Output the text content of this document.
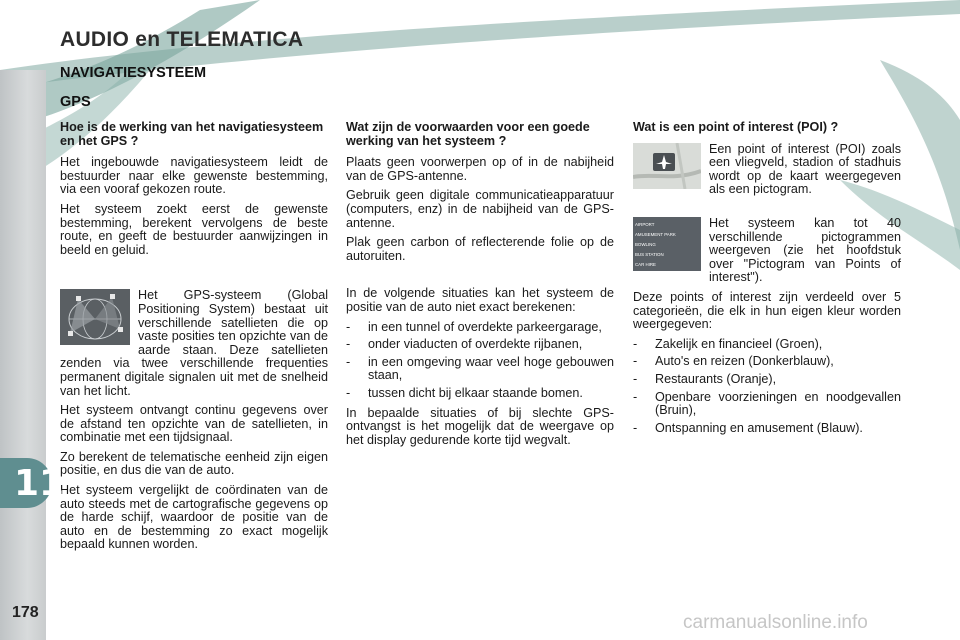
AUDIO en TELEMATICA
NAVIGATIESYSTEEM
GPS
Hoe is de werking van het navigatiesysteem en het GPS ?

Het ingebouwde navigatiesysteem leidt de bestuurder naar elke gewenste bestemming, via een vooraf gekozen route.

Het systeem zoekt eerst de gewenste bestemming, berekent vervolgens de beste route, en geeft de bestuurder aanwijzingen in beeld en geluid.

Het GPS-systeem (Global Positioning System) bestaat uit verschillende satellieten die op vaste posities ten opzichte van de aarde staan. Deze satellieten zenden via twee verschillende frequenties permanent digitale signalen uit met de snelheid van het licht.

Het systeem ontvangt continu gegevens over de afstand ten opzichte van de satellieten, in combinatie met een tijdsignaal.

Zo berekent de telematische eenheid zijn eigen positie, en dus die van de auto.

Het systeem vergelijkt de coördinaten van de auto steeds met de cartografische gegevens op de harde schijf, waardoor de positie van de auto en de bestemming zo exact mogelijk bepaald kunnen worden.

Wat zijn de voorwaarden voor een goede werking van het systeem ?

Plaats geen voorwerpen op of in de nabijheid van de GPS-antenne.

Gebruik geen digitale communicatieapparatuur (computers, enz) in de nabijheid van de GPS-antenne.

Plak geen carbon of reflecterende folie op de autoruiten.

In de volgende situaties kan het systeem de positie van de auto niet exact berekenen:

- in een tunnel of overdekte parkeergarage,
- onder viaducten of overdekte rijbanen,
- in een omgeving waar veel hoge gebouwen staan,
- tussen dicht bij elkaar staande bomen.

In bepaalde situaties of bij slechte GPS-ontvangst is het mogelijk dat de weergave op het display gedurende korte tijd wegvalt.

Wat is een point of interest (POI) ?

Een point of interest (POI) zoals een vliegveld, stadion of stadhuis wordt op de kaart weergegeven als een pictogram.

AIRPORT
AMUSEMENT PARK
BOWLING
BUS STATION
CAR HIRE

Het systeem kan tot 40 verschillende pictogrammen weergeven (zie het hoofdstuk over "Pictogram van Points of interest").

Deze points of interest zijn verdeeld over 5 categorieën, die elk in hun eigen kleur worden weergegeven:

- Zakelijk en financieel (Groen),
- Auto's en reizen (Donkerblauw),
- Restaurants (Oranje),
- Openbare voorzieningen en noodgevallen (Bruin),
- Ontspanning en amusement (Blauw).
11
178	carmanualsonline.info
